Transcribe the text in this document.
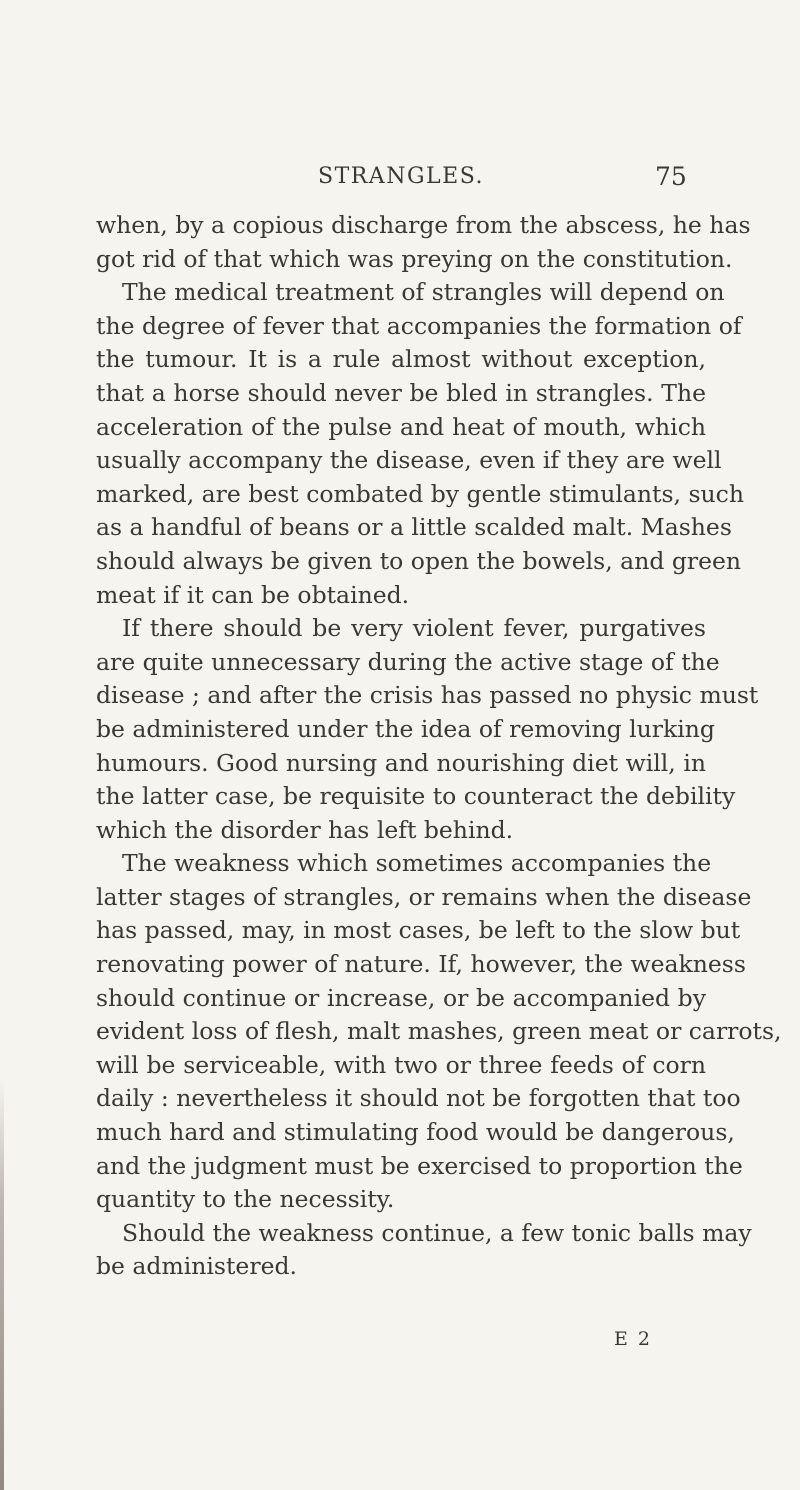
STRANGLES.	75
when, by a copious discharge from the abscess, he has
got rid of that which was preying on the constitution.
The medical treatment of strangles will depend on
the degree of fever that accompanies the formation of
the tumour. It is a rule almost without exception,
that a horse should never be bled in strangles. The
acceleration of the pulse and heat of mouth, which
usually accompany the disease, even if they are well
marked, are best combated by gentle stimulants, such
as a handful of beans or a little scalded malt. Mashes
should always be given to open the bowels, and green
meat if it can be obtained.
If there should be very violent fever, purgatives
are quite unnecessary during the active stage of the
disease ; and after the crisis has passed no physic must
be administered under the idea of removing lurking
humours. Good nursing and nourishing diet will, in
the latter case, be requisite to counteract the debility
which the disorder has left behind.
The weakness which sometimes accompanies the
latter stages of strangles, or remains when the disease
has passed, may, in most cases, be left to the slow but
renovating power of nature. If, however, the weakness
should continue or increase, or be accompanied by
evident loss of flesh, malt mashes, green meat or carrots,
will be serviceable, with two or three feeds of corn
daily : nevertheless it should not be forgotten that too
much hard and stimulating food would be dangerous,
and the judgment must be exercised to proportion the
quantity to the necessity.
Should the weakness continue, a few tonic balls may
be administered.
E 2
